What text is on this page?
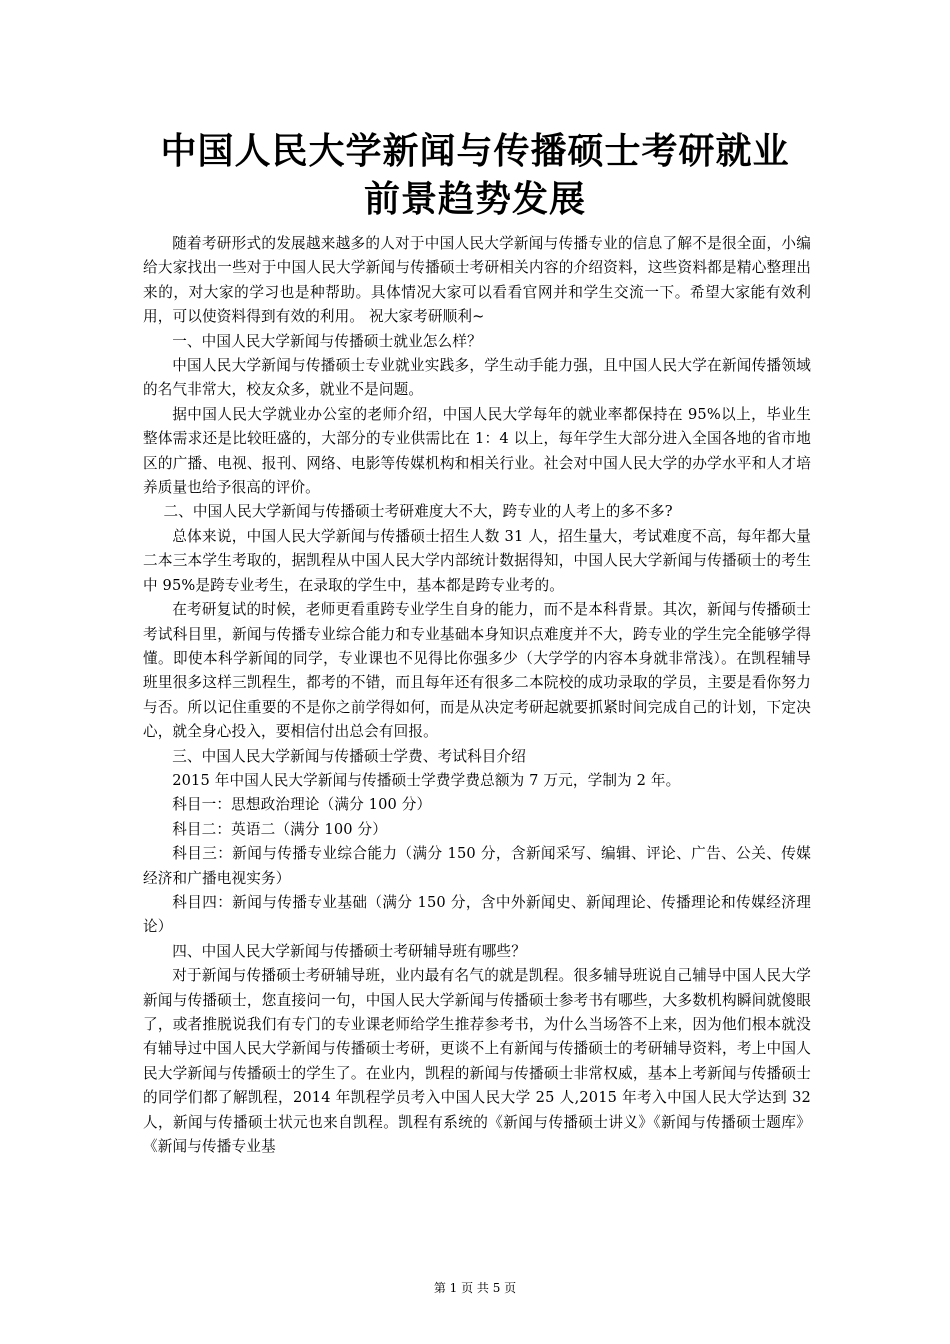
中国人民大学新闻与传播硕士考研就业
前景趋势发展

随着考研形式的发展越来越多的人对于中国人民大学新闻与传播专业的信息了解不是很全面，小编给大家找出一些对于中国人民大学新闻与传播硕士考研相关内容的介绍资料，这些资料都是精心整理出来的，对大家的学习也是种帮助。具体情况大家可以看看官网并和学生交流一下。希望大家能有效利用，可以使资料得到有效的利用。 祝大家考研顺利~

一、中国人民大学新闻与传播硕士就业怎么样？

中国人民大学新闻与传播硕士专业就业实践多，学生动手能力强，且中国人民大学在新闻传播领域的名气非常大，校友众多，就业不是问题。

据中国人民大学就业办公室的老师介绍，中国人民大学每年的就业率都保持在 95%以上，毕业生整体需求还是比较旺盛的，大部分的专业供需比在 1：4 以上，每年学生大部分进入全国各地的省市地区的广播、电视、报刊、网络、电影等传媒机构和相关行业。社会对中国人民大学的办学水平和人才培养质量也给予很高的评价。

二、中国人民大学新闻与传播硕士考研难度大不大，跨专业的人考上的多不多?

总体来说，中国人民大学新闻与传播硕士招生人数 31 人，招生量大，考试难度不高，每年都大量二本三本学生考取的，据凯程从中国人民大学内部统计数据得知，中国人民大学新闻与传播硕士的考生中 95%是跨专业考生，在录取的学生中，基本都是跨专业考的。

在考研复试的时候，老师更看重跨专业学生自身的能力，而不是本科背景。其次，新闻与传播硕士考试科目里，新闻与传播专业综合能力和专业基础本身知识点难度并不大，跨专业的学生完全能够学得懂。即使本科学新闻的同学，专业课也不见得比你强多少（大学学的内容本身就非常浅）。在凯程辅导班里很多这样三凯程生，都考的不错，而且每年还有很多二本院校的成功录取的学员，主要是看你努力与否。所以记住重要的不是你之前学得如何，而是从决定考研起就要抓紧时间完成自己的计划，下定决心，就全身心投入，要相信付出总会有回报。

三、中国人民大学新闻与传播硕士学费、考试科目介绍

2015 年中国人民大学新闻与传播硕士学费学费总额为 7 万元，学制为 2 年。

科目一：思想政治理论（满分 100 分）

科目二：英语二（满分 100 分）

科目三：新闻与传播专业综合能力（满分 150 分，含新闻采写、编辑、评论、广告、公关、传媒经济和广播电视实务）

科目四：新闻与传播专业基础（满分 150 分，含中外新闻史、新闻理论、传播理论和传媒经济理论）

四、中国人民大学新闻与传播硕士考研辅导班有哪些？

对于新闻与传播硕士考研辅导班，业内最有名气的就是凯程。很多辅导班说自己辅导中国人民大学新闻与传播硕士，您直接问一句，中国人民大学新闻与传播硕士参考书有哪些，大多数机构瞬间就傻眼了，或者推脱说我们有专门的专业课老师给学生推荐参考书，为什么当场答不上来，因为他们根本就没有辅导过中国人民大学新闻与传播硕士考研，更谈不上有新闻与传播硕士的考研辅导资料，考上中国人民大学新闻与传播硕士的学生了。在业内，凯程的新闻与传播硕士非常权威，基本上考新闻与传播硕士的同学们都了解凯程，2014 年凯程学员考入中国人民大学 25 人,2015 年考入中国人民大学达到 32 人，新闻与传播硕士状元也来自凯程。凯程有系统的《新闻与传播硕士讲义》《新闻与传播硕士题库》《新闻与传播专业基

第 1 页 共 5 页
